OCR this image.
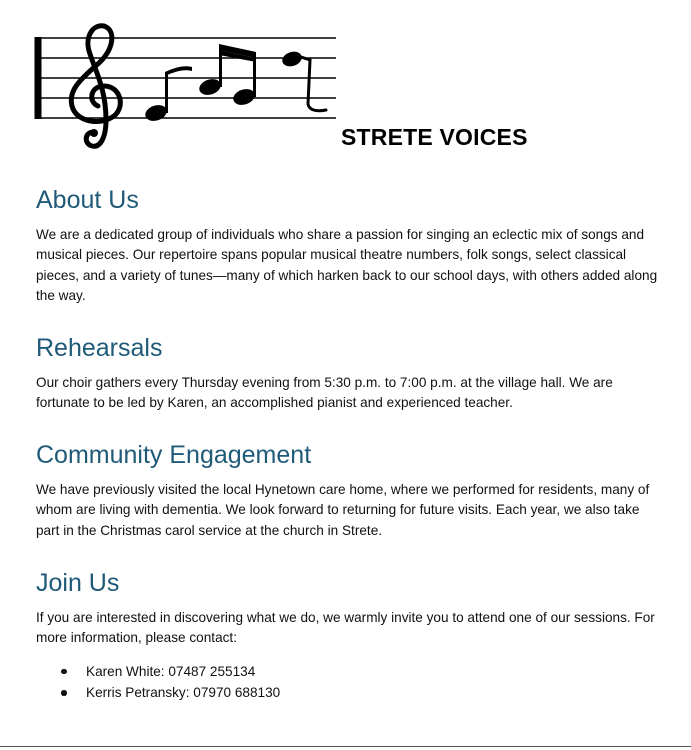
STRETE VOICES
About Us

We are a dedicated group of individuals who share a passion for singing an eclectic mix of songs and musical pieces. Our repertoire spans popular musical theatre numbers, folk songs, select classical pieces, and a variety of tunes—many of which harken back to our school days, with others added along the way.

Rehearsals

Our choir gathers every Thursday evening from 5:30 p.m. to 7:00 p.m. at the village hall. We are fortunate to be led by Karen, an accomplished pianist and experienced teacher.

Community Engagement

We have previously visited the local Hynetown care home, where we performed for residents, many of whom are living with dementia. We look forward to returning for future visits. Each year, we also take part in the Christmas carol service at the church in Strete.

Join Us

If you are interested in discovering what we do, we warmly invite you to attend one of our sessions. For more information, please contact:

Karen White: 07487 255134
Kerris Petransky: 07970 688130
